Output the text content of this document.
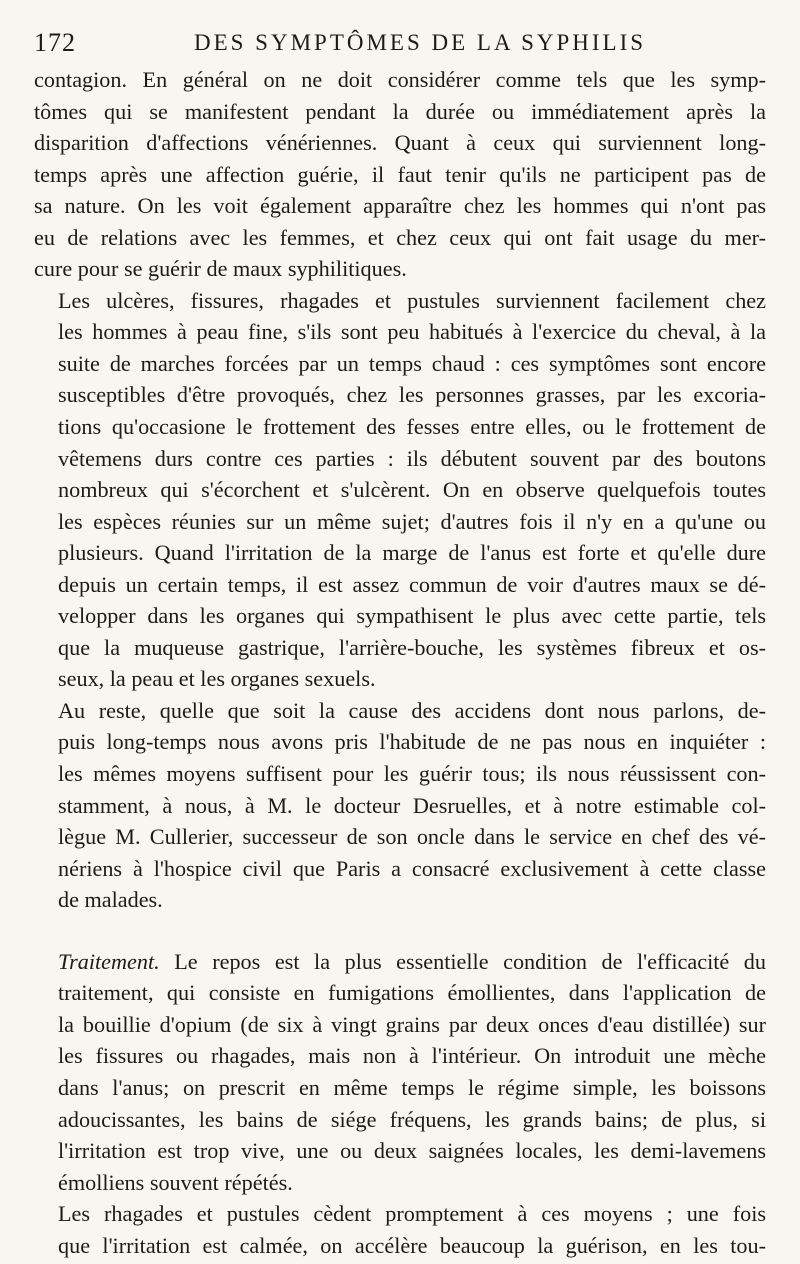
172	DES SYMPTÔMES DE LA SYPHILIS

contagion. En général on ne doit considérer comme tels que les symp-
tômes qui se manifestent pendant la durée ou immédiatement après la
disparition d'affections vénériennes. Quant à ceux qui surviennent long-
temps après une affection guérie, il faut tenir qu'ils ne participent pas de
sa nature. On les voit également apparaître chez les hommes qui n'ont pas
eu de relations avec les femmes, et chez ceux qui ont fait usage du mer-
cure pour se guérir de maux syphilitiques.

Les ulcères, fissures, rhagades et pustules surviennent facilement chez
les hommes à peau fine, s'ils sont peu habitués à l'exercice du cheval, à la
suite de marches forcées par un temps chaud : ces symptômes sont encore
susceptibles d'être provoqués, chez les personnes grasses, par les excoria-
tions qu'occasione le frottement des fesses entre elles, ou le frottement de
vêtemens durs contre ces parties : ils débutent souvent par des boutons
nombreux qui s'écorchent et s'ulcèrent. On en observe quelquefois toutes
les espèces réunies sur un même sujet; d'autres fois il n'y en a qu'une ou
plusieurs. Quand l'irritation de la marge de l'anus est forte et qu'elle dure
depuis un certain temps, il est assez commun de voir d'autres maux se dé-
velopper dans les organes qui sympathisent le plus avec cette partie, tels
que la muqueuse gastrique, l'arrière-bouche, les systèmes fibreux et os-
seux, la peau et les organes sexuels.

Au reste, quelle que soit la cause des accidens dont nous parlons, de-
puis long-temps nous avons pris l'habitude de ne pas nous en inquiéter :
les mêmes moyens suffisent pour les guérir tous; ils nous réussissent con-
stamment, à nous, à M. le docteur Desruelles, et à notre estimable col-
lègue M. Cullerier, successeur de son oncle dans le service en chef des vé-
nériens à l'hospice civil que Paris a consacré exclusivement à cette classe
de malades.

Traitement. Le repos est la plus essentielle condition de l'efficacité du
traitement, qui consiste en fumigations émollientes, dans l'application de
la bouillie d'opium (de six à vingt grains par deux onces d'eau distillée) sur
les fissures ou rhagades, mais non à l'intérieur. On introduit une mèche
dans l'anus; on prescrit en même temps le régime simple, les boissons
adoucissantes, les bains de siége fréquens, les grands bains; de plus, si
l'irritation est trop vive, une ou deux saignées locales, les demi-lavemens
émolliens souvent répétés.

Les rhagades et pustules cèdent promptement à ces moyens ; une fois
que l'irritation est calmée, on accélère beaucoup la guérison, en les tou-
